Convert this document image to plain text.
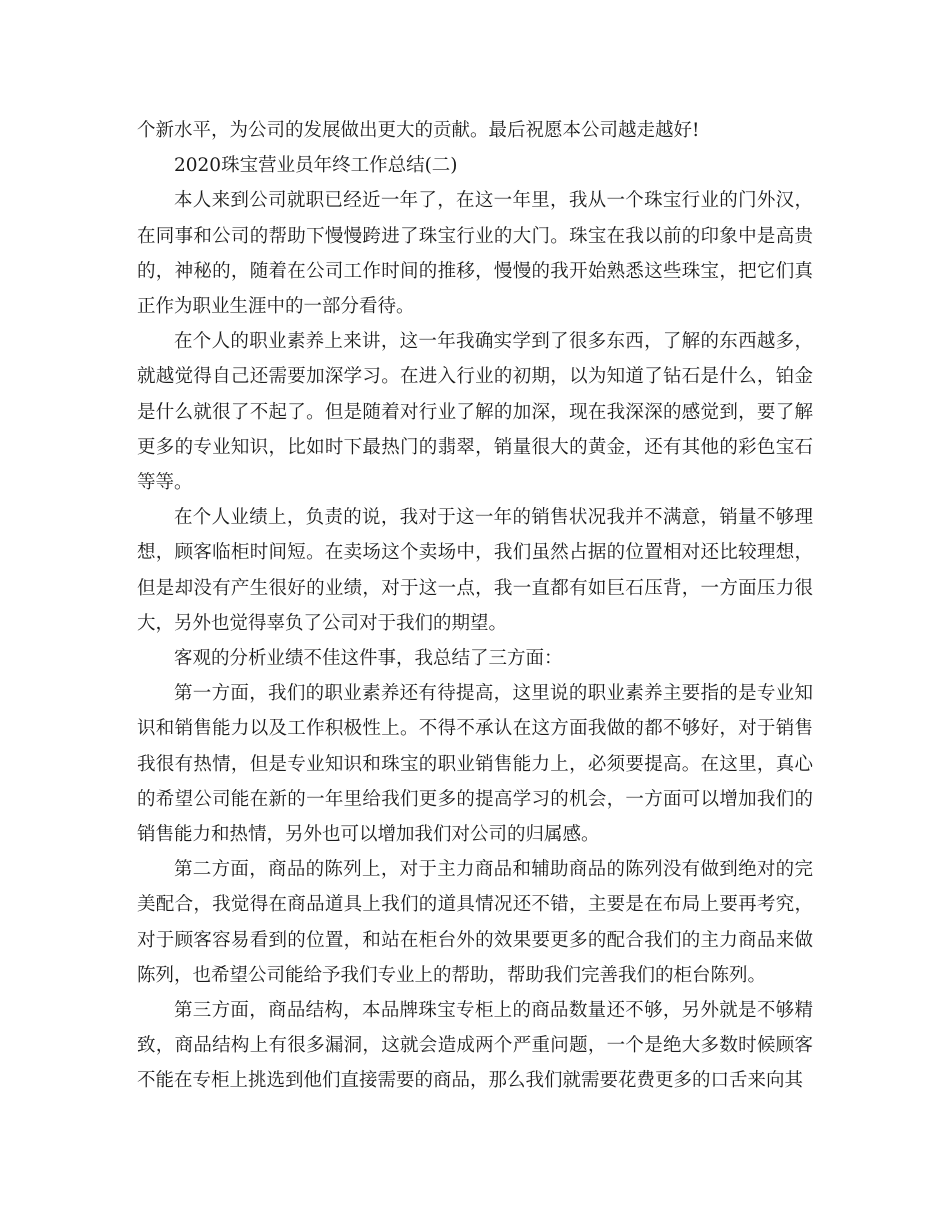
个新水平，为公司的发展做出更大的贡献。最后祝愿本公司越走越好!

2020珠宝营业员年终工作总结(二)

本人来到公司就职已经近一年了，在这一年里，我从一个珠宝行业的门外汉，在同事和公司的帮助下慢慢跨进了珠宝行业的大门。珠宝在我以前的印象中是高贵的，神秘的，随着在公司工作时间的推移，慢慢的我开始熟悉这些珠宝，把它们真正作为职业生涯中的一部分看待。

在个人的职业素养上来讲，这一年我确实学到了很多东西，了解的东西越多，就越觉得自己还需要加深学习。在进入行业的初期，以为知道了钻石是什么，铂金是什么就很了不起了。但是随着对行业了解的加深，现在我深深的感觉到，要了解更多的专业知识，比如时下最热门的翡翠，销量很大的黄金，还有其他的彩色宝石等等。

在个人业绩上，负责的说，我对于这一年的销售状况我并不满意，销量不够理想，顾客临柜时间短。在卖场这个卖场中，我们虽然占据的位置相对还比较理想，但是却没有产生很好的业绩，对于这一点，我一直都有如巨石压背，一方面压力很大，另外也觉得辜负了公司对于我们的期望。

客观的分析业绩不佳这件事，我总结了三方面：

第一方面，我们的职业素养还有待提高，这里说的职业素养主要指的是专业知识和销售能力以及工作积极性上。不得不承认在这方面我做的都不够好，对于销售我很有热情，但是专业知识和珠宝的职业销售能力上，必须要提高。在这里，真心的希望公司能在新的一年里给我们更多的提高学习的机会，一方面可以增加我们的销售能力和热情，另外也可以增加我们对公司的归属感。

第二方面，商品的陈列上，对于主力商品和辅助商品的陈列没有做到绝对的完美配合，我觉得在商品道具上我们的道具情况还不错，主要是在布局上要再考究，对于顾客容易看到的位置，和站在柜台外的效果要更多的配合我们的主力商品来做陈列，也希望公司能给予我们专业上的帮助，帮助我们完善我们的柜台陈列。

第三方面，商品结构，本品牌珠宝专柜上的商品数量还不够，另外就是不够精致，商品结构上有很多漏洞，这就会造成两个严重问题，一个是绝大多数时候顾客不能在专柜上挑选到他们直接需要的商品，那么我们就需要花费更多的口舌来向其
